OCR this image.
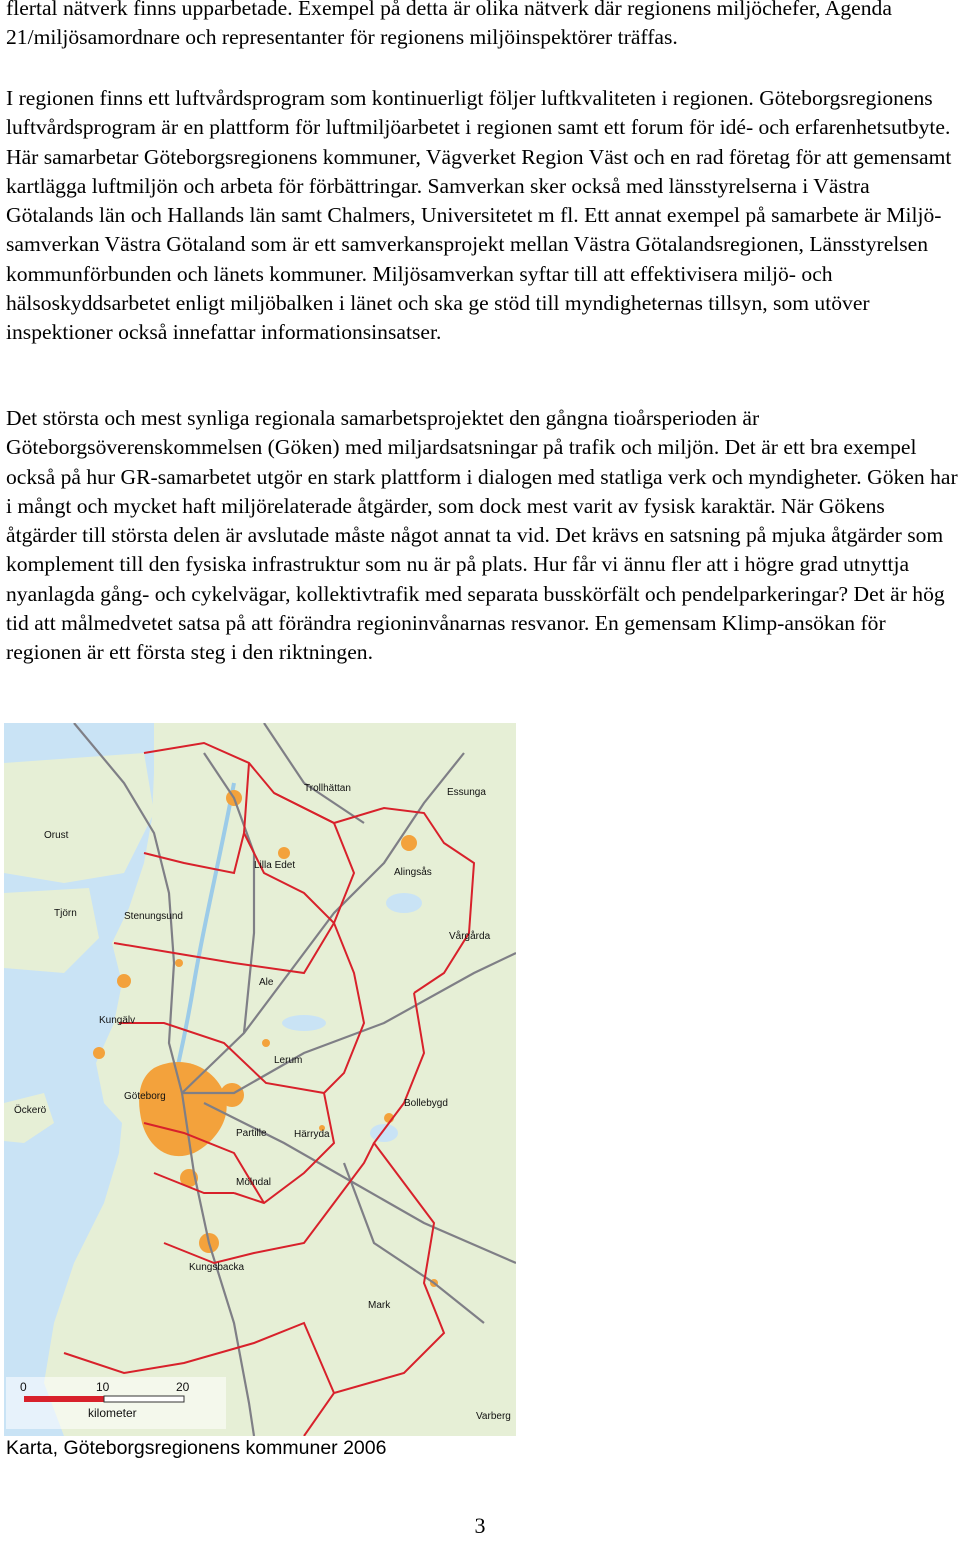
flertal nätverk finns upparbetade. Exempel på detta är olika nätverk där regionens miljöchefer, Agenda 21/miljösamordnare och representanter för regionens miljöinspektörer träffas.
I regionen finns ett luftvårdsprogram som kontinuerligt följer luftkvaliteten i regionen. Göteborgsregionens luftvårdsprogram är en plattform för luftmiljöarbetet i regionen samt ett forum för idé- och erfarenhetsutbyte. Här samarbetar Göteborgsregionens kommuner, Vägverket Region Väst och en rad företag för att gemensamt kartlägga luftmiljön och arbeta för förbättringar. Samverkan sker också med länsstyrelserna i Västra Götalands län och Hallands län samt Chalmers, Universitetet m fl. Ett annat exempel på samarbete är Miljö-samverkan Västra Götaland som är ett samverkansprojekt mellan Västra Götalandsregionen, Länsstyrelsen kommunförbunden och länets kommuner. Miljösamverkan syftar till att effektivisera miljö- och hälsoskyddsarbetet enligt miljöbalken i länet och ska ge stöd till myndigheternas tillsyn, som utöver inspektioner också innefattar informationsinsatser.
Det största och mest synliga regionala samarbetsprojektet den gångna tioårsperioden är Göteborgsöverenskommelsen (Göken) med miljardsatsningar på trafik och miljön. Det är ett bra exempel också på hur GR-samarbetet utgör en stark plattform i dialogen med statliga verk och myndigheter. Göken har i mångt och mycket haft miljörelaterade åtgärder, som dock mest varit av fysisk karaktär. När Gökens åtgärder till största delen är avslutade måste något annat ta vid. Det krävs en satsning på mjuka åtgärder som komplement till den fysiska infrastruktur som nu är på plats. Hur får vi ännu fler att i högre grad utnyttja nyanlagda gång- och cykelvägar, kollektivtrafik med separata busskörfält och pendelparkeringar? Det är hög tid att målmedvetet satsa på att förändra regioninvånarnas resvanor. En gemensam Klimp-ansökan för regionen är ett första steg i den riktningen.
Orust
Trollhättan	Essunga
Lilla Edet
Alingsås
Stenungsund
Tjörn
Vårgårda
Ale
Kungälv
Lerum
Öckerö
Göteborg
Partille	Härryda
Bollebygd
Mölndal
Kungsbacka
Mark
Varberg
0	10	20
kilometer
Karta, Göteborgsregionens kommuner 2006
3
